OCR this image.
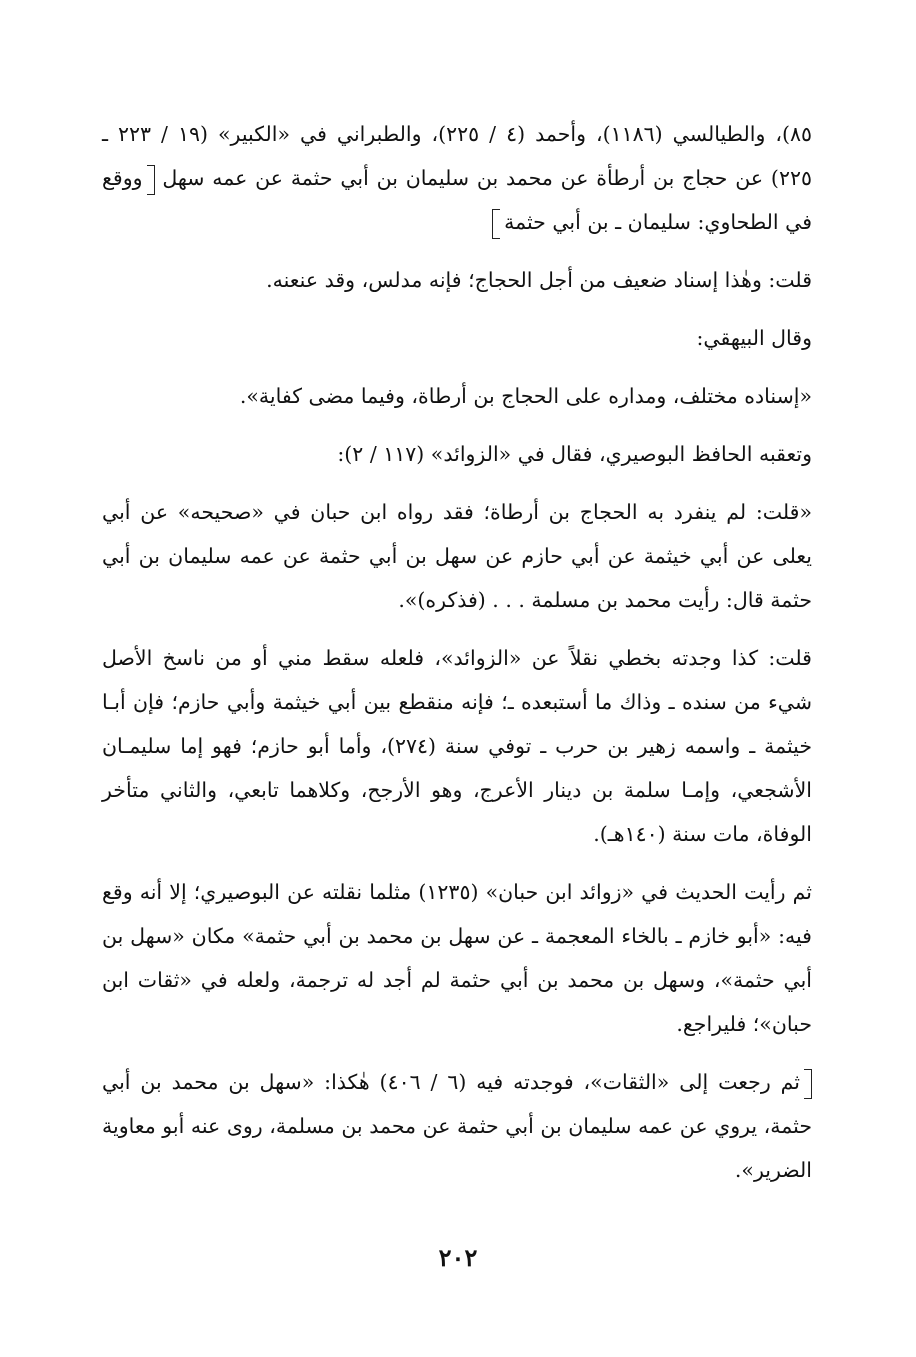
٨٥)، والطيالسي (١١٨٦)، وأحمد (٤ / ٢٢٥)، والطبراني في «الكبير» (١٩ / ٢٢٣ ـ ٢٢٥) عن حجاج بن أرطأة عن محمد بن سليمان بن أبي حثمة عن عمه سهل ووقع في الطحاوي: سليمان ـ بن أبي حثمة

قلت: وهٰذا إسناد ضعيف من أجل الحجاج؛ فإنه مدلس، وقد عنعنه.

وقال البيهقي:

«إسناده مختلف، ومداره على الحجاج بن أرطاة، وفيما مضى كفاية».

وتعقبه الحافظ البوصيري، فقال في «الزوائد» (١١٧ / ٢):

«قلت: لم ينفرد به الحجاج بن أرطاة؛ فقد رواه ابن حبان في «صحيحه» عن أبي يعلى عن أبي خيثمة عن أبي حازم عن سهل بن أبي حثمة عن عمه سليمان بن أبي حثمة قال: رأيت محمد بن مسلمة . . . (فذكره)».

قلت: كذا وجدته بخطي نقلاً عن «الزوائد»، فلعله سقط مني أو من ناسخ الأصل شيء من سنده ـ وذاك ما أستبعده ـ؛ فإنه منقطع بين أبي خيثمة وأبي حازم؛ فإن أبـا خيثمة ـ واسمه زهير بن حرب ـ توفي سنة (٢٧٤)، وأما أبو حازم؛ فهو إما سليمـان الأشجعي، وإمـا سلمة بن دينار الأعرج، وهو الأرجح، وكلاهما تابعي، والثاني متأخر الوفاة، مات سنة (١٤٠هـ).

ثم رأيت الحديث في «زوائد ابن حبان» (١٢٣٥) مثلما نقلته عن البوصيري؛ إلا أنه وقع فيه: «أبو خازم ـ بالخاء المعجمة ـ عن سهل بن محمد بن أبي حثمة» مكان «سهل بن أبي حثمة»، وسهل بن محمد بن أبي حثمة لم أجد له ترجمة، ولعله في «ثقات ابن حبان»؛ فليراجع.

ثم رجعت إلى «الثقات»، فوجدته فيه (٦ / ٤٠٦) هٰكذا: «سهل بن محمد بن أبي حثمة، يروي عن عمه سليمان بن أبي حثمة عن محمد بن مسلمة، روى عنه أبو معاوية الضرير».

٢٠٢
